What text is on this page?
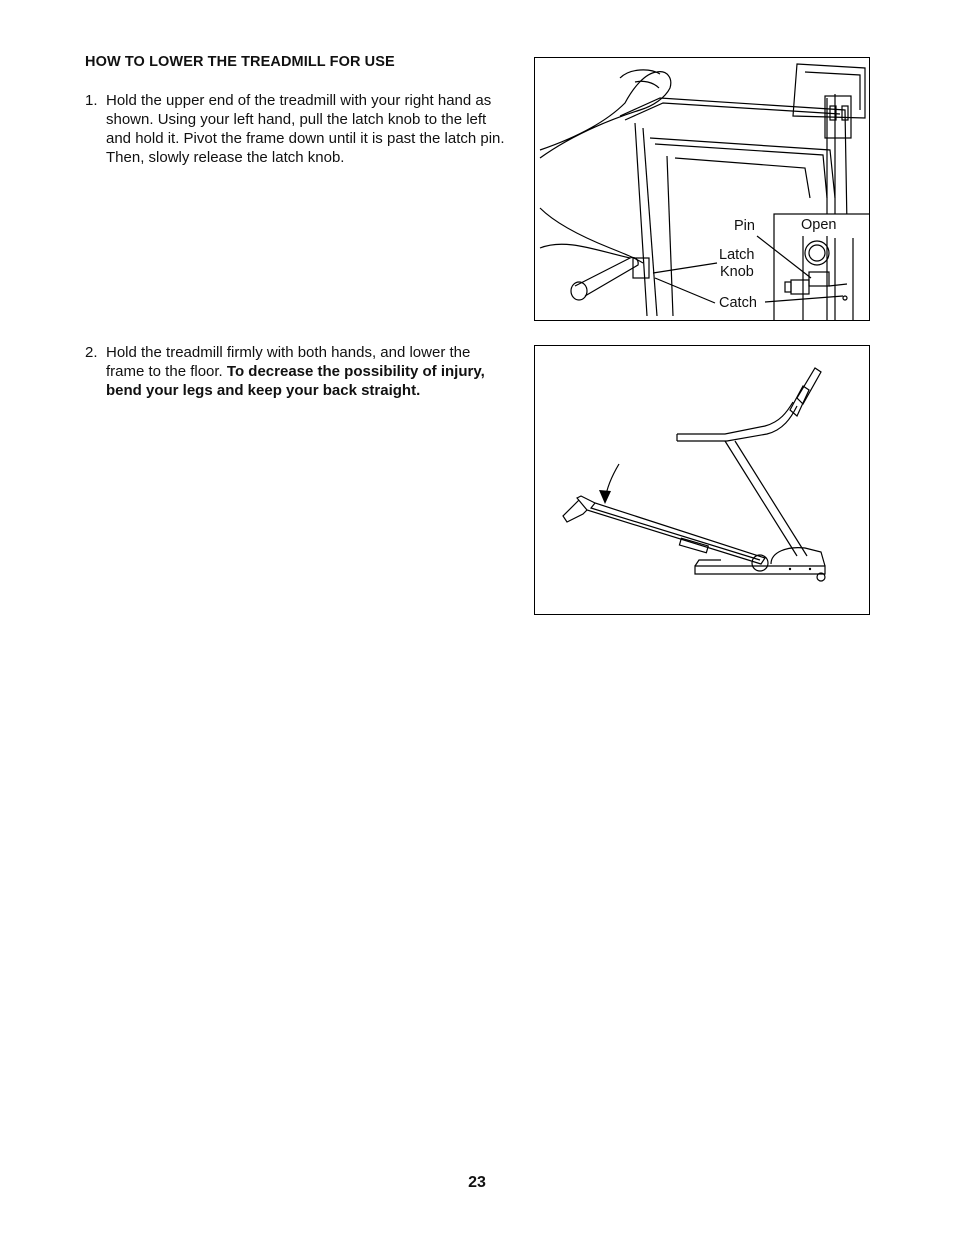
HOW TO LOWER THE TREADMILL FOR USE
1. Hold the upper end of the treadmill with your right hand as shown. Using your left hand, pull the latch knob to the left and hold it. Pivot the frame down until it is past the latch pin. Then, slowly release the latch knob.
2. Hold the treadmill firmly with both hands, and lower the frame to the floor. To decrease the possibility of injury, bend your legs and keep your back straight.
Pin	Open
Latch
Knob
Catch
23
